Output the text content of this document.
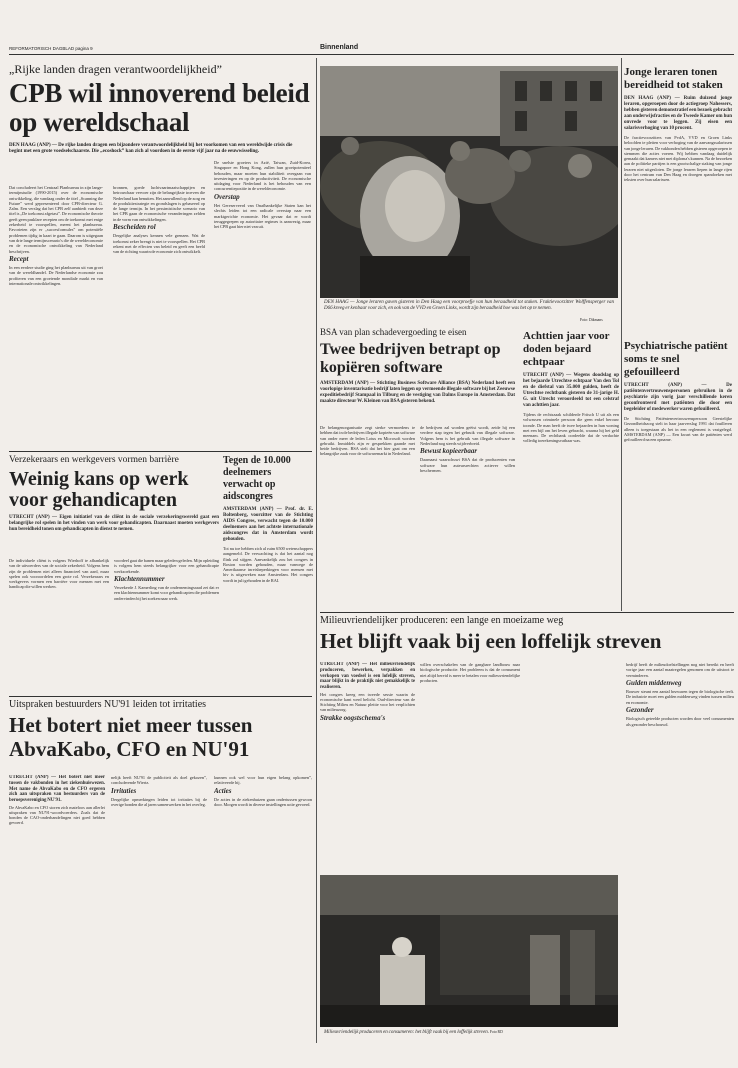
REFORMATORISCH DAGBLAD pagina 9	Binnenland
„Rijke landen dragen verantwoordelijkheid”
CPB wil innoverend beleid op wereldschaal
DEN HAAG (ANP) — De rijke landen dragen een bijzondere verantwoordelijkheid bij het voorkomen van een wereldwijde crisis die begint met een grote voedselschaarste. Die „ecoshock” kan zich al voordoen in de eerste vijf jaar na de eeuwwisseling.

Dat concludeert het Centraal Planbureau in zijn lange-termijnstudie (1990-2015) over de economische ontwikkeling, die vandaag onder de titel „Scanning the Future” werd gepresenteerd door CPB-directeur G. Zalm. Een verslag dat het CPB zelf aanbiedt van deze titel is „De toekomst afgetast”. De economische theorie geeft geen pasklare recepten om de toekomst met enige zekerheid te voorspellen, meent het planbureau. Favorieten zijn er „succesformules” om potentiële problemen tijdig in kaart te gaan. Daarom is uitgegaan van drie lange termijnscenario's die de wereldeconomie en de economische ontwikkeling van Nederland beschrijven.

Recept

In een eerdere studie ging het planbureau uit van groei van de wereldhandel. De Nederlandse economie zou profiteren van een groeiende mondiale markt en van internationale ontwikkelingen.

bronnen, goede luchtvaartmaatschappijen en betrouwbaar vervoer zijn de belangrijkste troeven die Nederland kan benutten. Het aanvullend op de zorg en de produktiestrategie en grondslagen is gebaseerd op de lange termijn. In het pessimistische scenario van het CPB gaan de economische veranderingen zelden in de vorm van ontwikkelingen.

Bescheiden rol

Dergelijke analyses kennen vele grenzen. Wat de toekomst zeker brengt is niet te voorspellen. Het CPB rekent met de effecten van beleid en geeft een beeld van de richting waarin de economie zich ontwikkelt.

De snelste groeiers in Azië, Taiwan, Zuid-Korea, Singapore en Hong Kong, zullen hun groeipotentieel behouden, maar moeten hun stabiliteit overgaan van investeringen en op de productiviteit. De economische uitdaging voor Nederland is het behouden van een concurrentiepositie in de wereldeconomie.

Overstap

Het Gereserveerd van Onafhankelijke Staten kan het slechts leiden tot een radicale overstap naar een marktgerichte economie. Het gevaar dat er wordt teruggegrepen op autoritaire regimes is aanwezig, maar het CPB gaat hier niet van uit.

DEN HAAG — Jonge leraren gaven gisteren in Den Haag een voorproefje van hun beraadheid tot staken. Fraktievoorzitter Wolffensperger van D66 kreeg er kenbaar voor zich, en ook van de VVD en Groen Links, wordt zijn beraadheid hoe was het op te nemen.
Foto: Dikmans
Jonge leraren tonen bereidheid tot staken
DEN HAAG (ANP) — Ruim duizend jonge leraren, opgeroepen door de actiegroep Nahessers, hebben gisteren demonstratief een bezoek gebracht aan onderwijsfracties en de Tweede Kamer om hun onvrede voor te leggen. Zij eisen een salarisverhoging van 10 procent.
De fractievoorzitters van PvdA, VVD en Groen Links beloofden te pleiten voor verhoging van de aanvangssalarissen van jonge leraren. De vakbonden hebben gisteren opgeroepen te stemmen die acties voeren. Wij hebben vandaag duidelijk gemaakt dat kamers niet met diploma's kunnen. Na de bezoeken aan de politieke partijen is een grootschalige staking van jonge leraren niet uitgesloten. De jonge leraren liepen in lange rijen door het centrum van Den Haag en droegen spandoeken met teksten over hun salarissen.
BSA van plan schadevergoeding te eisen
Twee bedrijven betrapt op kopiëren software
AMSTERDAM (ANP) — Stichting Business Software Alliance (BSA) Nederland heeft een voorlopige inventarisatie bedrijf laten leggen op vermeende illegale software bij het Zeeuwse expeditiebedrijf Stampaal in Tilburg en de vestiging van Dalms Europe in Amsterdam. Dat maakte directeur W. Kleinen van BSA gisteren bekend.

De belangenorganisatie zegt sterke vermoedens te hebben dat in de bedrijven illegale kopieën van software van onder meer de leden Lotus en Microsoft worden gebruikt. Inmiddels zijn er gesprekken gaande met beide bedrijven. BSA stelt dat het hier gaat om een belangrijke zaak voor de softwaremarkt in Nederland.

de bedrijven zal worden geëist wordt, zeide hij een verdere stap tegen het gebruik van illegale software. Volgens hem is het gebruik van illegale software in Nederland nog steeds wijdverbreid.

Bewust kopieerbaar

Daarnaast waarschuwt BSA dat de producenten van software hun auteursrechten actiever willen beschermen.

Achttien jaar voor doden bejaard echtpaar
UTRECHT (ANP) — Wegens doodslag op het bejaarde Utrechtse echtpaar Van den Tol en de diefstal van 35.000 gulden, heeft de Utrechtse rechtbank gisteren de 31-jarige H. G. uit Utrecht veroordeeld tot een celstraf van achttien jaar.
Tijdens de rechtszaak schilderde Fritsch U uit als een volwassen criminele persoon die geen enkel berouw toonde. De man heeft de twee bejaarden in hun woning met een bijl om het leven gebracht, waarna hij het geld meenam. De rechtbank oordeelde dat de verdachte volledig toerekeningsvatbaar was.
Psychiatrische patiënt soms te snel gefouilleerd
UTRECHT (ANP) — De patiëntenvertrouwenspersonen gebruiken in de psychiatrie zijn vorig jaar verschillende keren geconfronteerd met patiënten die door een begeleider of medewerker waren gefouilleerd.
De Stichting Patiëntenvertrouwenspersoon Geestelijke Gezondheidszorg stelt in haar jaarverslag 1991 dat fouilleren alleen is toegestaan als het in een reglement is vastgelegd. AMSTERDAM (ANP) — Een kwart van de patiënten werd gefouilleerd na een opname.
Verzekeraars en werkgevers vormen barrière
Weinig kans op werk voor gehandicapten
UTRECHT (ANP) — Eigen initiatief van de cliënt in de sociale verzekeringswereld gaat een belangrijke rol spelen in het vinden van werk voor gehandicapten. Daarnaast moeten werkgevers hun bereidheid tonen om gehandicapten in dienst te nemen.

De individuele cliënt is volgens Wierhoff te afhankelijk van de uitvoerders van de sociale zekerheid. Volgens hem zijn de problemen niet alleen financieel van aard, maar spelen ook vooroordelen een grote rol. Verzekeraars en werkgevers vormen een barrière voor mensen met een handicap die willen werken.

voordeel gaat die banen maar geleden geleden. Mijn opleiding is volgens hem steeds belangrijker voor een gehandicapte werkzoekende.

Klachtennummer

Verzekerde J. Kamerling van de ondernemingsraad zei dat er een klachtennummer komt voor gehandicapten die problemen ondervinden bij het zoeken naar werk.

Tegen de 10.000 deelnemers verwacht op aidscongres
AMSTERDAM (ANP) — Prof. dr. E. Boltenberg, voorzitter van de Stichting AIDS Congres, verwacht tegen de 10.000 deelnemers aan het achtste internationale aidscongres dat in Amsterdam wordt gehouden.
Tot nu toe hebben zich al ruim 6500 wetenschappers aangemeld. De verwachting is dat het aantal nog flink zal stijgen. Aanvankelijk zou het congres in Boston worden gehouden, maar vanwege de Amerikaanse inreisbeperkingen voor mensen met hiv is uitgeweken naar Amsterdam. Het congres wordt in juli gehouden in de RAI.
Milieuvriendelijker produceren: een lange en moeizame weg
Het blijft vaak bij een loffelijk streven

UTRECHT (ANP) — Het milieuvriendelijk produceren, bewerken, verpakken en verkopen van voedsel is een lofelijk streven, maar blijkt in de praktijk niet gemakkelijk te realiseren.

Het congres kreeg een tweede sessie waarin de economische kant werd belicht. Oud-directeur van de Stichting Milieu en Natuur pleitte voor het verplichten van milieuzorg.

Strakke oogstschema's

willen overschakelen van de gangbare landbouw naar biologische productie. Het probleem is dat de consument niet altijd bereid is meer te betalen voor milieuvriendelijke producten.

bedrijf heeft de milieudoelstellingen nog niet bereikt en heeft vorige jaar een aantal maatregelen genomen om de uitstoot te verminderen.

Gulden middenweg

Bouwer steunt een aantal bezwaren tegen de biologische teelt. De industrie moet een gulden middenweg vinden tussen milieu en economie.

Gezonder

Biologisch geteelde producten worden door veel consumenten als gezonder beschouwd.

Milieuvriendelijk produceren en consumeren: het blijft vaak bij een loffelijk streven. Foto RD
Uitspraken bestuurders NU'91 leiden tot irritaties
Het botert niet meer tussen AbvaKabo, CFO en NU'91

UTRECHT (ANP) — Het botert niet meer tussen de vakbonden in het ziekenhuiswezen. Met name de AbvaKabo en de CFO ergeren zich aan uitspraken van bestuurders van de beroepsvereniging NU'91.

De AbvaKabo en CFO storen zich mateloos aan allerlei uitspraken van NU'91-woordvoerders. Zoals dat de bonden de CAO-onderhandelingen niet goed hebben gevoerd.

nelijk heeft NU'91 de publiciteit als doel gekozen”, concluderende Wiertz.

Irritaties

Dergelijke opmerkingen leiden tot irritaties bij de overige bonden die al jaren samenwerken in het overleg.

kunnen ook wel voor hun eigen belang opkomen”, relativeerde hij.

Acties

De acties in de ziekenhuizen gaan ondertussen gewoon door. Morgen wordt in diverse instellingen actie gevoerd.
